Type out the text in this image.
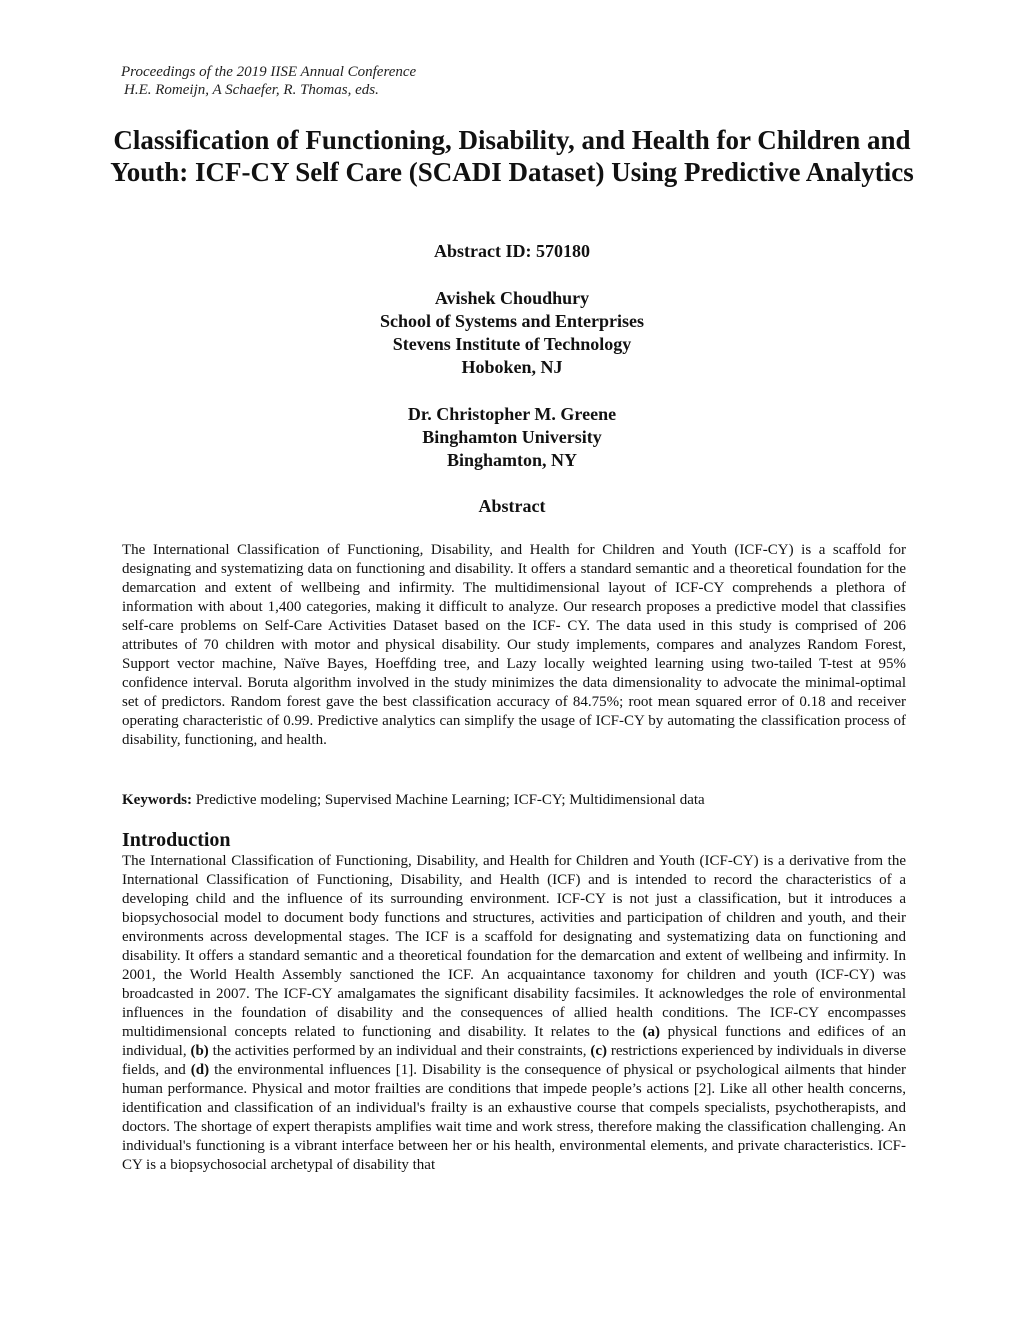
Proceedings of the 2019 IISE Annual Conference
H.E. Romeijn, A Schaefer, R. Thomas, eds.
Classification of Functioning, Disability, and Health for Children and Youth: ICF-CY Self Care (SCADI Dataset) Using Predictive Analytics
Abstract ID: 570180
Avishek Choudhury
School of Systems and Enterprises
Stevens Institute of Technology
Hoboken, NJ
Dr. Christopher M. Greene
Binghamton University
Binghamton, NY
Abstract
The International Classification of Functioning, Disability, and Health for Children and Youth (ICF-CY) is a scaffold for designating and systematizing data on functioning and disability. It offers a standard semantic and a theoretical foundation for the demarcation and extent of wellbeing and infirmity. The multidimensional layout of ICF-CY comprehends a plethora of information with about 1,400 categories, making it difficult to analyze. Our research proposes a predictive model that classifies self-care problems on Self-Care Activities Dataset based on the ICF- CY. The data used in this study is comprised of 206 attributes of 70 children with motor and physical disability. Our study implements, compares and analyzes Random Forest, Support vector machine, Naïve Bayes, Hoeffding tree, and Lazy locally weighted learning using two-tailed T-test at 95% confidence interval. Boruta algorithm involved in the study minimizes the data dimensionality to advocate the minimal-optimal set of predictors. Random forest gave the best classification accuracy of 84.75%; root mean squared error of 0.18 and receiver operating characteristic of 0.99. Predictive analytics can simplify the usage of ICF-CY by automating the classification process of disability, functioning, and health.
Keywords: Predictive modeling; Supervised Machine Learning; ICF-CY; Multidimensional data
Introduction
The International Classification of Functioning, Disability, and Health for Children and Youth (ICF-CY) is a derivative from the International Classification of Functioning, Disability, and Health (ICF) and is intended to record the characteristics of a developing child and the influence of its surrounding environment. ICF-CY is not just a classification, but it introduces a biopsychosocial model to document body functions and structures, activities and participation of children and youth, and their environments across developmental stages. The ICF is a scaffold for designating and systematizing data on functioning and disability. It offers a standard semantic and a theoretical foundation for the demarcation and extent of wellbeing and infirmity. In 2001, the World Health Assembly sanctioned the ICF. An acquaintance taxonomy for children and youth (ICF-CY) was broadcasted in 2007. The ICF-CY amalgamates the significant disability facsimiles. It acknowledges the role of environmental influences in the foundation of disability and the consequences of allied health conditions. The ICF-CY encompasses multidimensional concepts related to functioning and disability. It relates to the (a) physical functions and edifices of an individual, (b) the activities performed by an individual and their constraints, (c) restrictions experienced by individuals in diverse fields, and (d) the environmental influences [1]. Disability is the consequence of physical or psychological ailments that hinder human performance. Physical and motor frailties are conditions that impede people’s actions [2]. Like all other health concerns, identification and classification of an individual's frailty is an exhaustive course that compels specialists, psychotherapists, and doctors. The shortage of expert therapists amplifies wait time and work stress, therefore making the classification challenging. An individual's functioning is a vibrant interface between her or his health, environmental elements, and private characteristics. ICF-CY is a biopsychosocial archetypal of disability that
